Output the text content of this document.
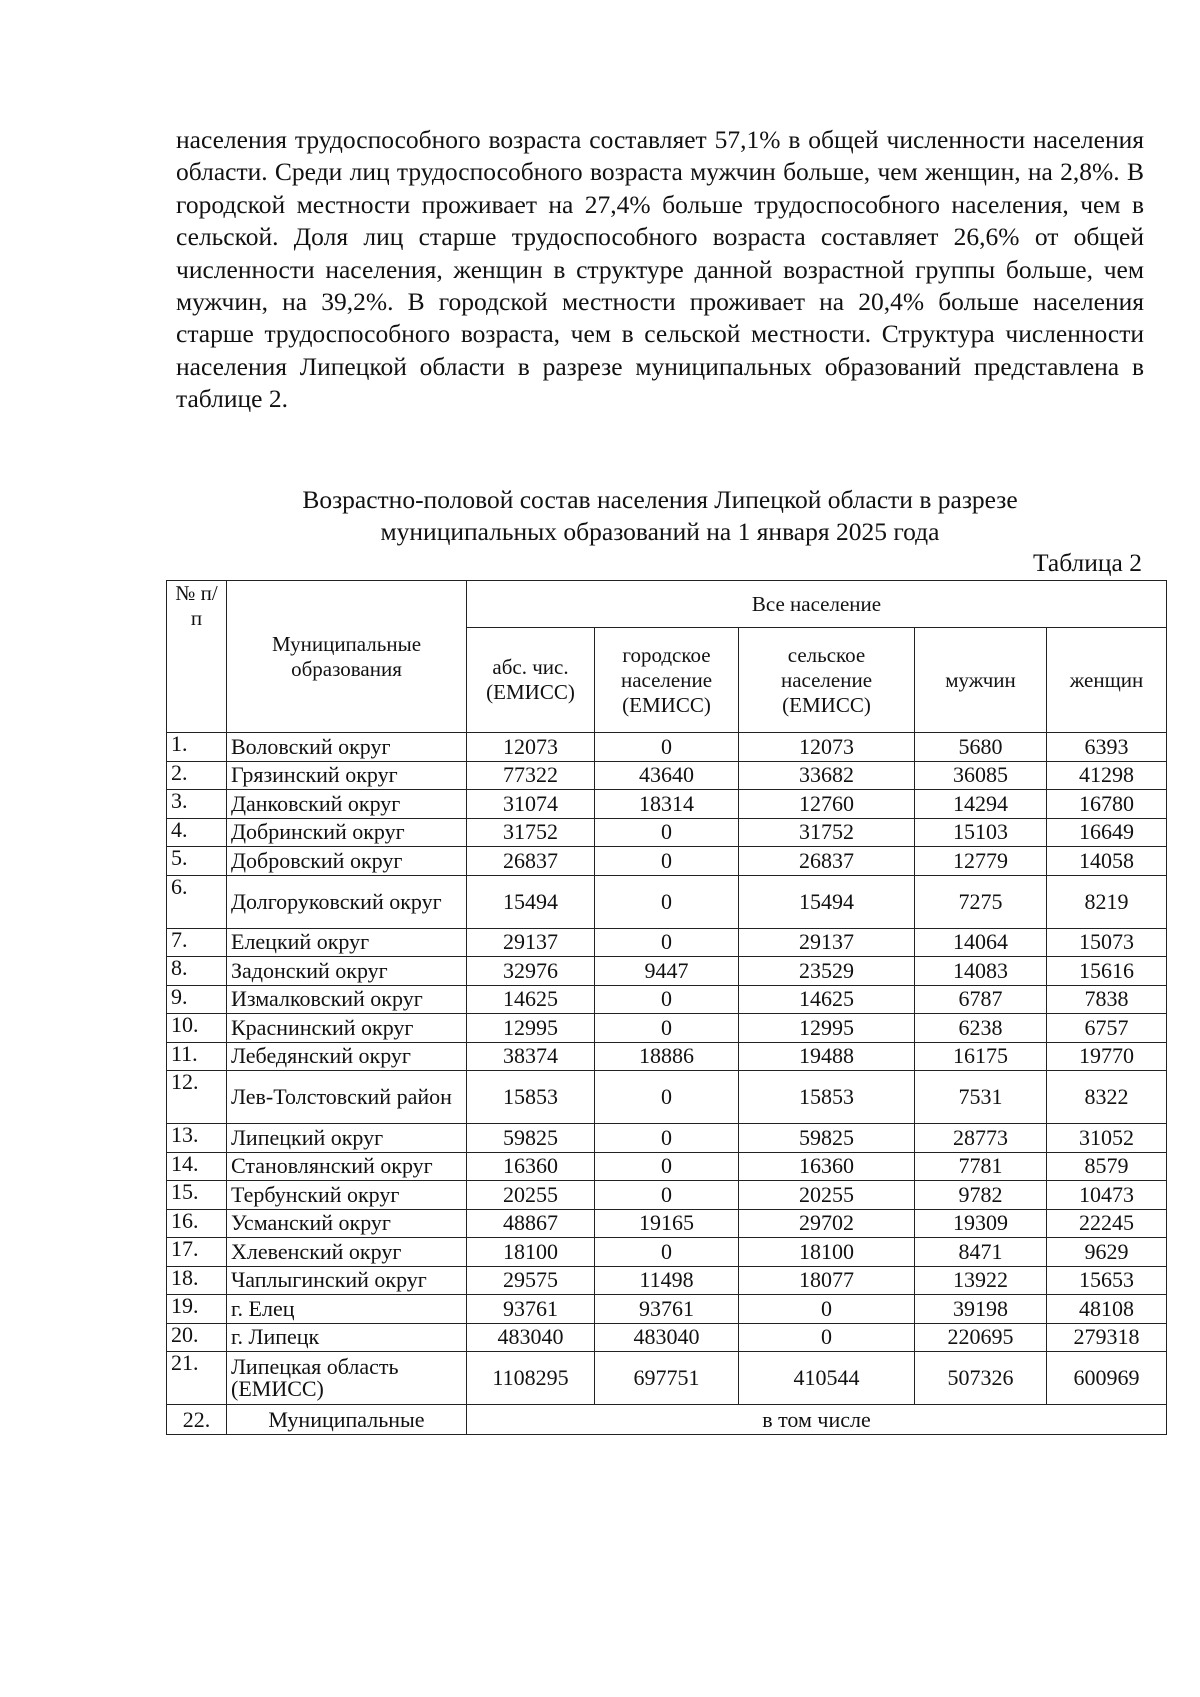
населения трудоспособного возраста составляет 57,1% в общей численности населения области. Среди лиц трудоспособного возраста мужчин больше, чем женщин, на 2,8%. В городской местности проживает на 27,4% больше трудоспособного населения, чем в сельской. Доля лиц старше трудоспособного возраста составляет 26,6% от общей численности населения, женщин в структуре данной возрастной группы больше, чем мужчин, на 39,2%. В городской местности проживает на 20,4% больше населения старше трудоспособного возраста, чем в сельской местности. Структура численности населения Липецкой области в разрезе муниципальных образований представлена в таблице 2.
Возрастно-половой состав населения Липецкой области в разрезе
муниципальных образований на 1 января 2025 года
Таблица 2
№ п/п	Муниципальные образования	Все население				
		абс. чис. (ЕМИСС)	городское население (ЕМИСС)	сельское население (ЕМИСС)	мужчин	женщин
1.	Воловский округ	12073	0	12073	5680	6393
2.	Грязинский округ	77322	43640	33682	36085	41298
3.	Данковский округ	31074	18314	12760	14294	16780
4.	Добринский округ	31752	0	31752	15103	16649
5.	Добровский округ	26837	0	26837	12779	14058
6.	Долгоруковский округ	15494	0	15494	7275	8219
7.	Елецкий округ	29137	0	29137	14064	15073
8.	Задонский округ	32976	9447	23529	14083	15616
9.	Измалковский округ	14625	0	14625	6787	7838
10.	Краснинский округ	12995	0	12995	6238	6757
11.	Лебедянский округ	38374	18886	19488	16175	19770
12.	Лев-Толстовский район	15853	0	15853	7531	8322
13.	Липецкий округ	59825	0	59825	28773	31052
14.	Становлянский округ	16360	0	16360	7781	8579
15.	Тербунский округ	20255	0	20255	9782	10473
16.	Усманский округ	48867	19165	29702	19309	22245
17.	Хлевенский округ	18100	0	18100	8471	9629
18.	Чаплыгинский округ	29575	11498	18077	13922	15653
19.	г. Елец	93761	93761	0	39198	48108
20.	г. Липецк	483040	483040	0	220695	279318
21.	Липецкая область (ЕМИСС)	1108295	697751	410544	507326	600969
22.	Муниципальные	в том числе				
